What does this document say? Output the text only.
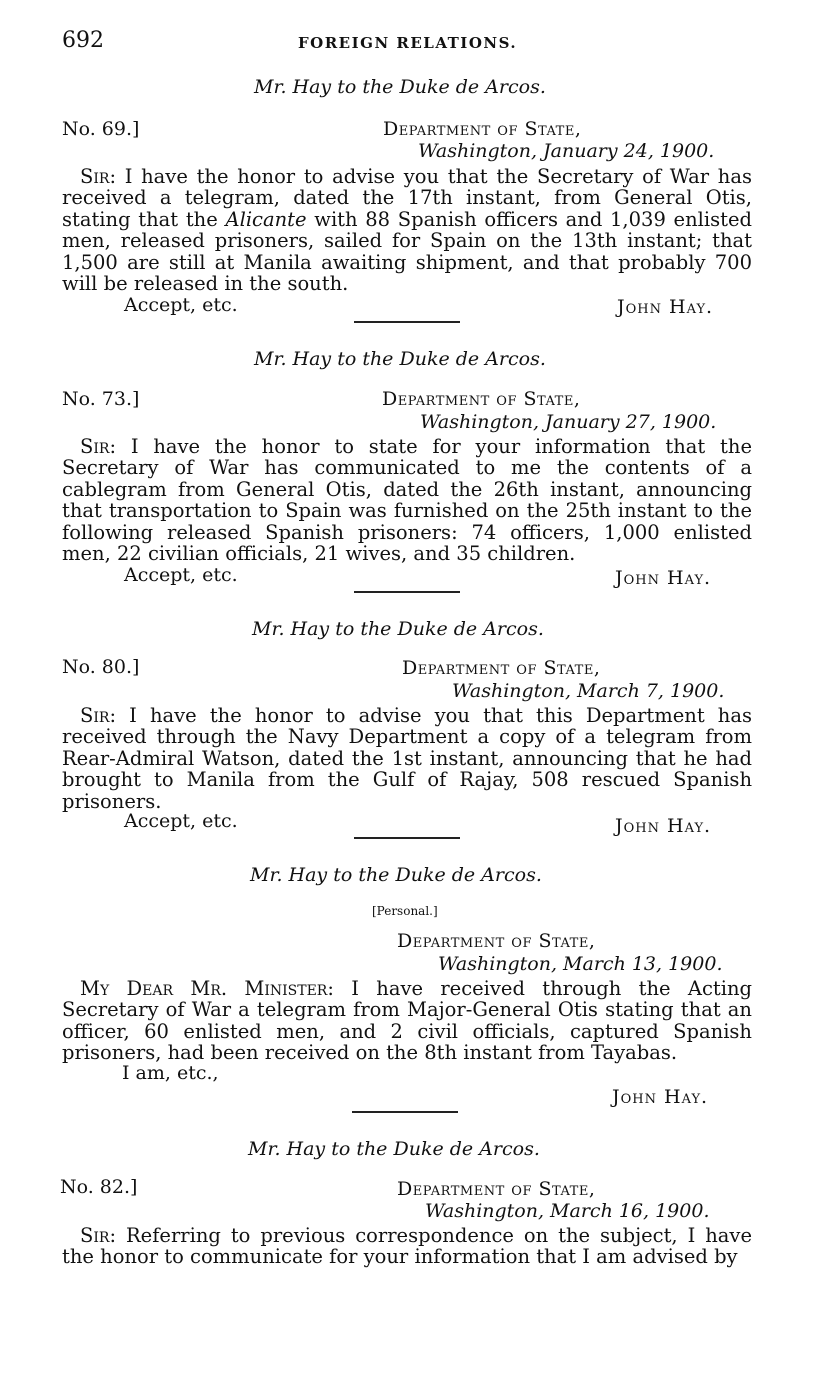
692	FOREIGN RELATIONS.
Mr. Hay to the Duke de Arcos.
No. 69.]	Department of State,
Washington, January 24, 1900.

Sir: I have the honor to advise you that the Secretary of War has received a telegram, dated the 17th instant, from General Otis, stating that the Alicante with 88 Spanish officers and 1,039 enlisted men, released prisoners, sailed for Spain on the 13th instant; that 1,500 are still at Manila awaiting shipment, and that probably 700 will be released in the south.

Accept, etc.	John Hay.
Mr. Hay to the Duke de Arcos.
No. 73.]	Department of State,
Washington, January 27, 1900.

Sir: I have the honor to state for your information that the Secretary of War has communicated to me the contents of a cablegram from General Otis, dated the 26th instant, announcing that transportation to Spain was furnished on the 25th instant to the following released Spanish prisoners: 74 officers, 1,000 enlisted men, 22 civilian officials, 21 wives, and 35 children.

Accept, etc.	John Hay.
Mr. Hay to the Duke de Arcos.
No. 80.]	Department of State,
Washington, March 7, 1900.

Sir: I have the honor to advise you that this Department has received through the Navy Department a copy of a telegram from Rear-Admiral Watson, dated the 1st instant, announcing that he had brought to Manila from the Gulf of Rajay, 508 rescued Spanish prisoners.

Accept, etc.	John Hay.
Mr. Hay to the Duke de Arcos.
[Personal.]
Department of State,
Washington, March 13, 1900.

My Dear Mr. Minister: I have received through the Acting Secretary of War a telegram from Major-General Otis stating that an officer, 60 enlisted men, and 2 civil officials, captured Spanish prisoners, had been received on the 8th instant from Tayabas.

I am, etc.,
John Hay.
Mr. Hay to the Duke de Arcos.
No. 82.]	Department of State,
Washington, March 16, 1900.

Sir: Referring to previous correspondence on the subject, I have the honor to communicate for your information that I am advised by
